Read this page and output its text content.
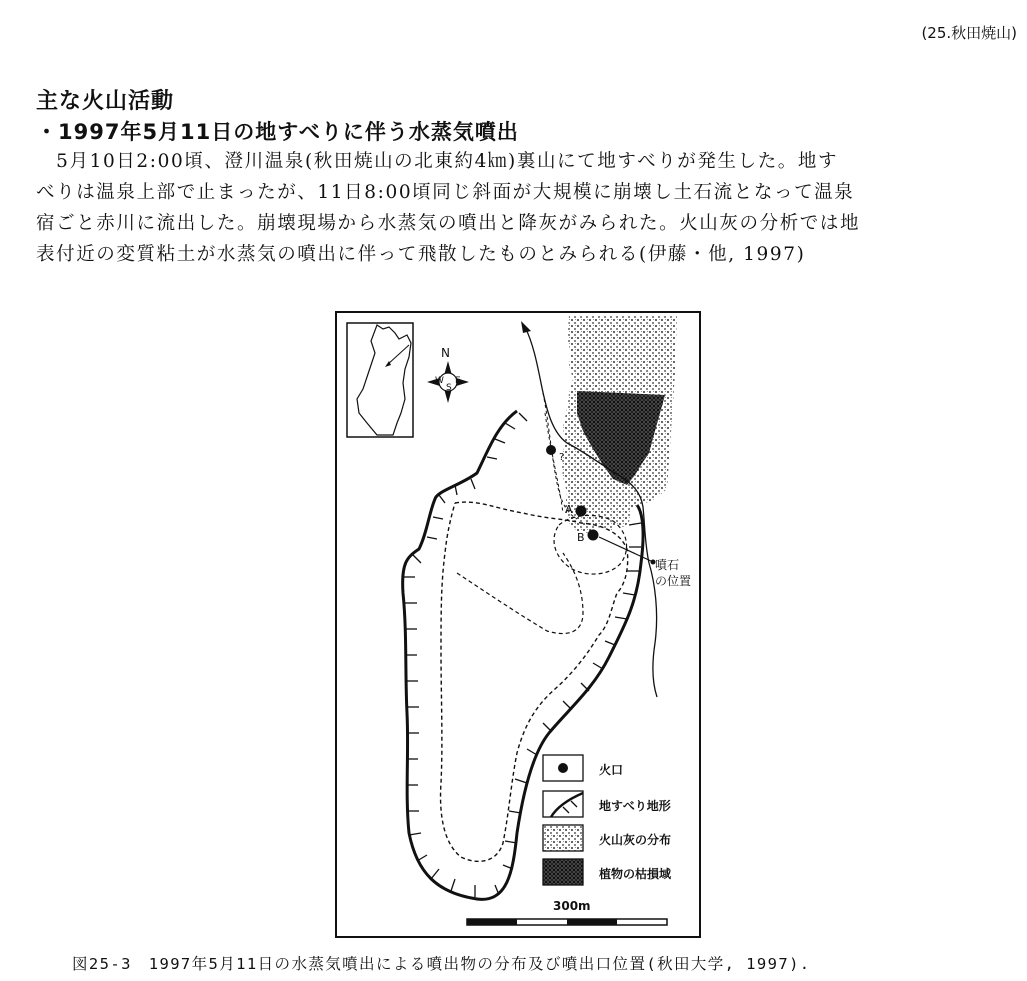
(25.秋田焼山)
主な火山活動
・1997年5月11日の地すべりに伴う水蒸気噴出

　5月10日2:00頃、澄川温泉(秋田焼山の北東約4㎞)裏山にて地すべりが発生した。地す

べりは温泉上部で止まったが、11日8:00頃同じ斜面が大規模に崩壊し土石流となって温泉

宿ごと赤川に流出した。崩壊現場から水蒸気の噴出と降灰がみられた。火山灰の分析では地

表付近の変質粘土が水蒸気の噴出に伴って飛散したものとみられる(伊藤・他, 1997)

N
W E
S
?
A
B
噴石
の位置
火口
地すべり地形
火山灰の分布
植物の枯損域
300m
図25-3　1997年5月11日の水蒸気噴出による噴出物の分布及び噴出口位置(秋田大学, 1997).
